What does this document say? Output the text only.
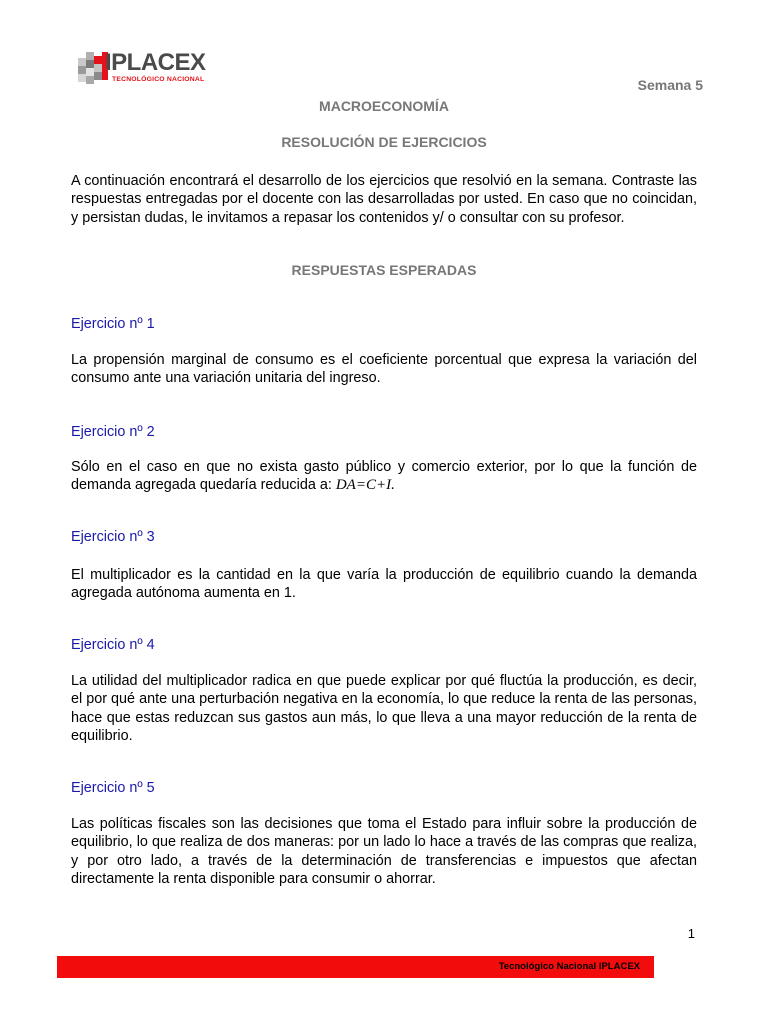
IPLACEX
TECNOLÓGICO NACIONAL	Semana 5
MACROECONOMÍA
RESOLUCIÓN DE EJERCICIOS
A continuación encontrará el desarrollo de los ejercicios que resolvió en la semana. Contraste las respuestas entregadas por el docente con las desarrolladas por usted. En caso que no coincidan, y persistan dudas, le invitamos a repasar los contenidos y/ o consultar con su profesor.
RESPUESTAS ESPERADAS
Ejercicio nº 1
La propensión marginal de consumo es el coeficiente porcentual que expresa la variación del consumo ante una variación unitaria del ingreso.
Ejercicio nº 2
Sólo en el caso en que no exista gasto público y comercio exterior, por lo que la función de demanda agregada quedaría reducida a: DA=C+I.
Ejercicio nº 3
El multiplicador es la cantidad en la que varía la producción de equilibrio cuando la demanda agregada autónoma aumenta en 1.
Ejercicio nº 4
La utilidad del multiplicador radica en que puede explicar por qué fluctúa la producción, es decir, el por qué ante una perturbación negativa en la economía, lo que reduce la renta de las personas, hace que estas reduzcan sus gastos aun más, lo que lleva a una mayor reducción de la renta de equilibrio.
Ejercicio nº 5
Las políticas fiscales son las decisiones que toma el Estado para influir sobre la producción de equilibrio, lo que realiza de dos maneras: por un lado lo hace a través de las compras que realiza, y por otro lado, a través de la determinación de transferencias e impuestos que afectan directamente la renta disponible para consumir o ahorrar.
1
Tecnológico Nacional IPLACEX
